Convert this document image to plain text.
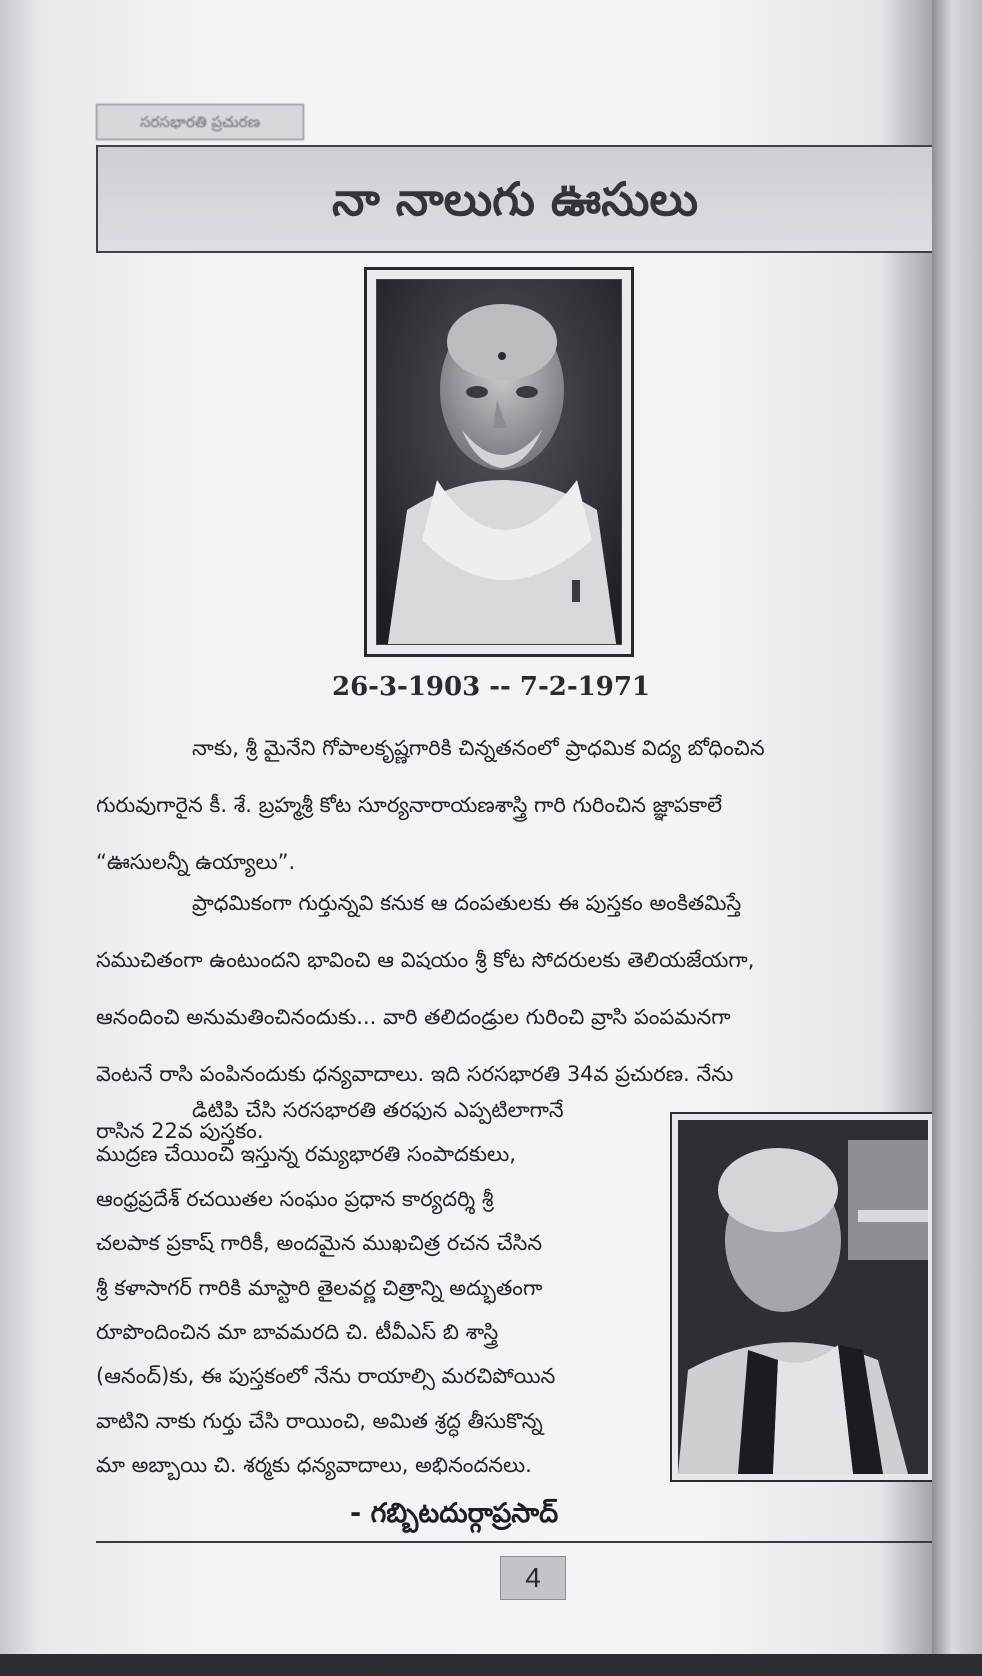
సరసభారతి ప్రచురణ
నా నాలుగు ఊసులు
26-3-1903 -- 7-2-1971

నాకు, శ్రీ మైనేని గోపాలకృష్ణగారికి చిన్నతనంలో ప్రాధమిక విద్య బోధించిన
గురువుగారైన కీ. శే. బ్రహ్మశ్రీ కోట సూర్యనారాయణశాస్త్రి గారి గురించిన జ్ఞాపకాలే
“ఊసులన్నీ ఉయ్యాలు”.

ప్రాధమికంగా గుర్తున్నవి కనుక ఆ దంపతులకు ఈ పుస్తకం అంకితమిస్తే
సముచితంగా ఉంటుందని భావించి ఆ విషయం శ్రీ కోట సోదరులకు తెలియజేయగా,
ఆనందించి అనుమతించినందుకు... వారి తలిదండ్రుల గురించి వ్రాసి పంపమనగా
వెంటనే రాసి పంపినందుకు ధన్యవాదాలు. ఇది సరసభారతి 34వ ప్రచురణ. నేను
రాసిన 22వ పుస్తకం.

డిటిపి చేసి సరసభారతి తరఫున ఎప్పటిలాగానే
ముద్రణ చేయించి ఇస్తున్న రమ్యభారతి సంపాదకులు,
ఆంధ్రప్రదేశ్ రచయితల సంఘం ప్రధాన కార్యదర్శి శ్రీ
చలపాక ప్రకాష్ గారికీ, అందమైన ముఖచిత్ర రచన చేసిన
శ్రీ కళాసాగర్ గారికి మాస్టారి తైలవర్ణ చిత్రాన్ని అద్భుతంగా
రూపొందించిన మా బావమరది చి. టీవీఎస్ బి శాస్త్రి
(ఆనంద్)కు, ఈ పుస్తకంలో నేను రాయాల్సి మరచిపోయిన
వాటిని నాకు గుర్తు చేసి రాయించి, అమిత శ్రద్ధ తీసుకొన్న
మా అబ్బాయి చి. శర్మకు ధన్యవాదాలు, అభినందనలు.

- గబ్బిటదుర్గాప్రసాద్
4
